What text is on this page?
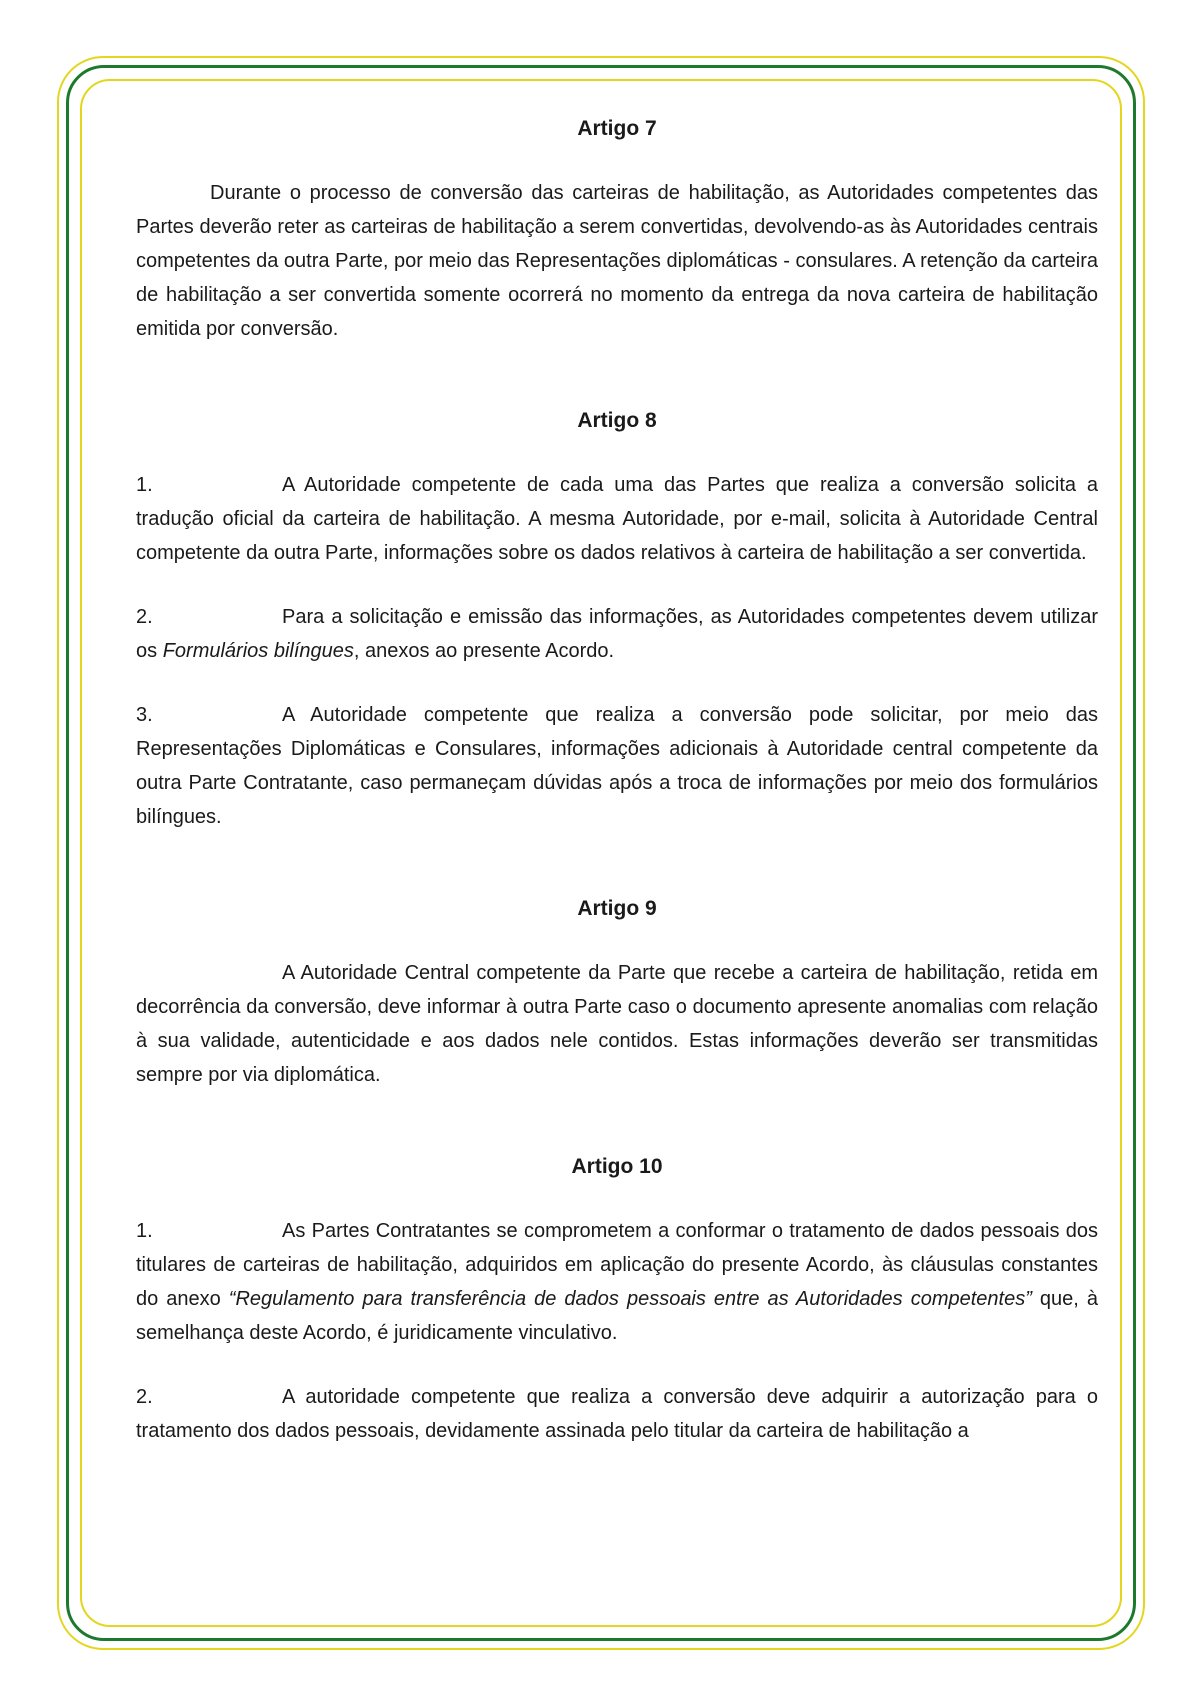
Artigo 7

Durante o processo de conversão das carteiras de habilitação, as Autoridades competentes das Partes deverão reter as carteiras de habilitação a serem convertidas, devolvendo-as às Autoridades centrais competentes da outra Parte, por meio das Representações diplomáticas - consulares. A retenção da carteira de habilitação a ser convertida somente ocorrerá no momento da entrega da nova carteira de habilitação emitida por conversão.

Artigo 8

1.	A Autoridade competente de cada uma das Partes que realiza a conversão solicita a tradução oficial da carteira de habilitação. A mesma Autoridade, por e-mail, solicita à Autoridade Central competente da outra Parte, informações sobre os dados relativos à carteira de habilitação a ser convertida.

2.	Para a solicitação e emissão das informações, as Autoridades competentes devem utilizar os Formulários bilíngues, anexos ao presente Acordo.

3.	A Autoridade competente que realiza a conversão pode solicitar, por meio das Representações Diplomáticas e Consulares, informações adicionais à Autoridade central competente da outra Parte Contratante, caso permaneçam dúvidas após a troca de informações por meio dos formulários bilíngues.

Artigo 9

A Autoridade Central competente da Parte que recebe a carteira de habilitação, retida em decorrência da conversão, deve informar à outra Parte caso o documento apresente anomalias com relação à sua validade, autenticidade e aos dados nele contidos. Estas informações deverão ser transmitidas sempre por via diplomática.

Artigo 10

1.	As Partes Contratantes se comprometem a conformar o tratamento de dados pessoais dos titulares de carteiras de habilitação, adquiridos em aplicação do presente Acordo, às cláusulas constantes do anexo “Regulamento para transferência de dados pessoais entre as Autoridades competentes” que, à semelhança deste Acordo, é juridicamente vinculativo.

2.	A autoridade competente que realiza a conversão deve adquirir a autorização para o tratamento dos dados pessoais, devidamente assinada pelo titular da carteira de habilitação a
